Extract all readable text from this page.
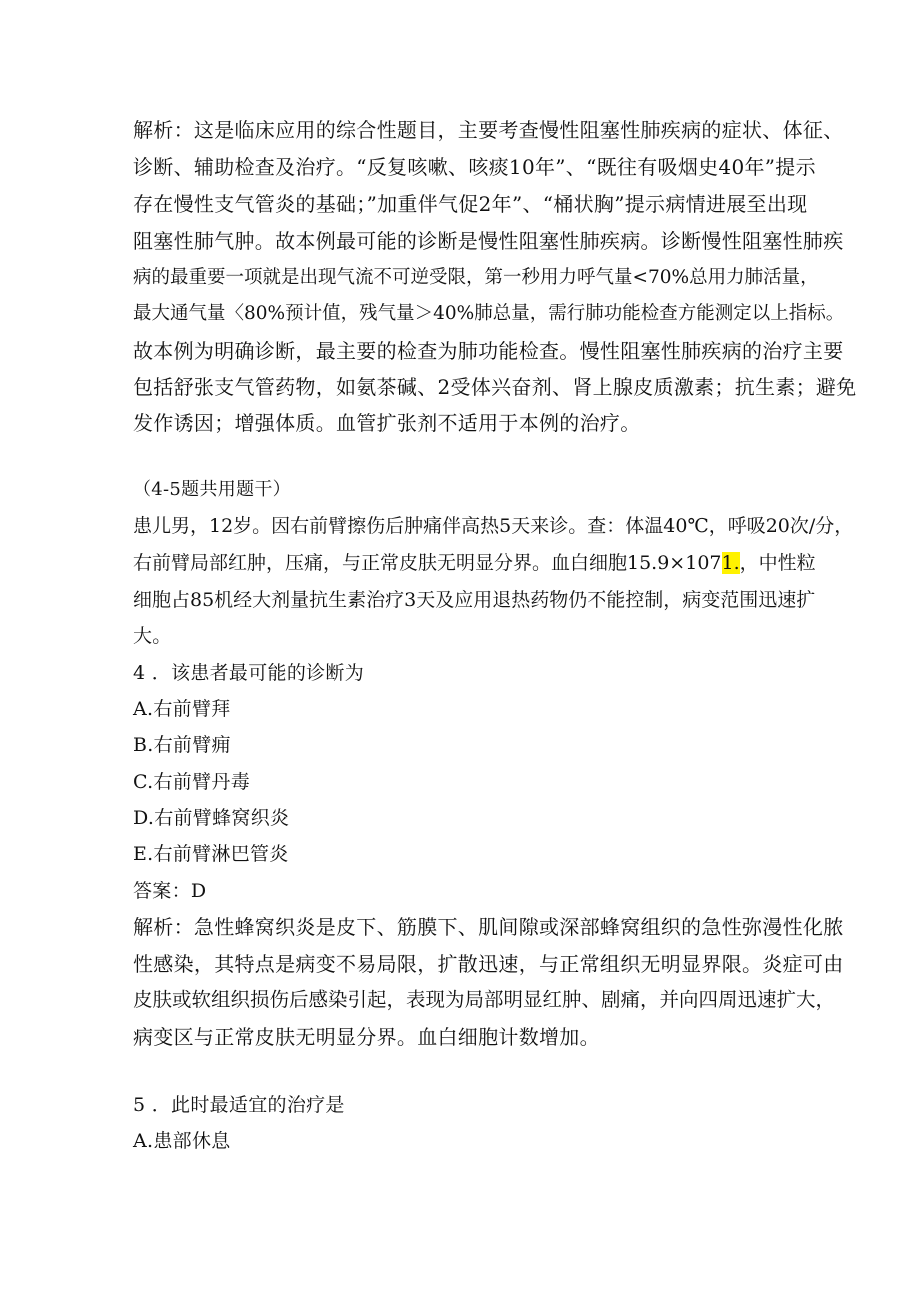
解析：这是临床应用的综合性题目，主要考查慢性阻塞性肺疾病的症状、体征、
诊断、辅助检查及治疗。“反复咳嗽、咳痰10年”、“既往有吸烟史40年”提示
存在慢性支气管炎的基础；”加重伴气促2年”、“桶状胸”提示病情进展至出现
阻塞性肺气肿。故本例最可能的诊断是慢性阻塞性肺疾病。诊断慢性阻塞性肺疾
病的最重要一项就是出现气流不可逆受限，第一秒用力呼气量<70%总用力肺活量，
最大通气量〈80%预计值，残气量＞40%肺总量，需行肺功能检查方能测定以上指标。
故本例为明确诊断，最主要的检查为肺功能检查。慢性阻塞性肺疾病的治疗主要
包括舒张支气管药物，如氨茶碱、2受体兴奋剂、肾上腺皮质激素；抗生素；避免
发作诱因；增强体质。血管扩张剂不适用于本例的治疗。
（4-5题共用题干）
患儿男，12岁。因右前臂擦伤后肿痛伴高热5天来诊。查：体温40℃，呼吸20次/分，
右前臂局部红肿，压痛，与正常皮肤无明显分界。血白细胞15.9×1071.，中性粒
细胞占85机经大剂量抗生素治疗3天及应用退热药物仍不能控制，病变范围迅速扩
大。
4 ．该患者最可能的诊断为
A.右前臂拜
B.右前臂痈
C.右前臂丹毒
D.右前臂蜂窝织炎
E.右前臂淋巴管炎
答案：D
解析：急性蜂窝织炎是皮下、筋膜下、肌间隙或深部蜂窝组织的急性弥漫性化脓
性感染，其特点是病变不易局限，扩散迅速，与正常组织无明显界限。炎症可由
皮肤或软组织损伤后感染引起，表现为局部明显红肿、剧痛，并向四周迅速扩大，
病变区与正常皮肤无明显分界。血白细胞计数增加。
5 ．此时最适宜的治疗是
A.患部休息
